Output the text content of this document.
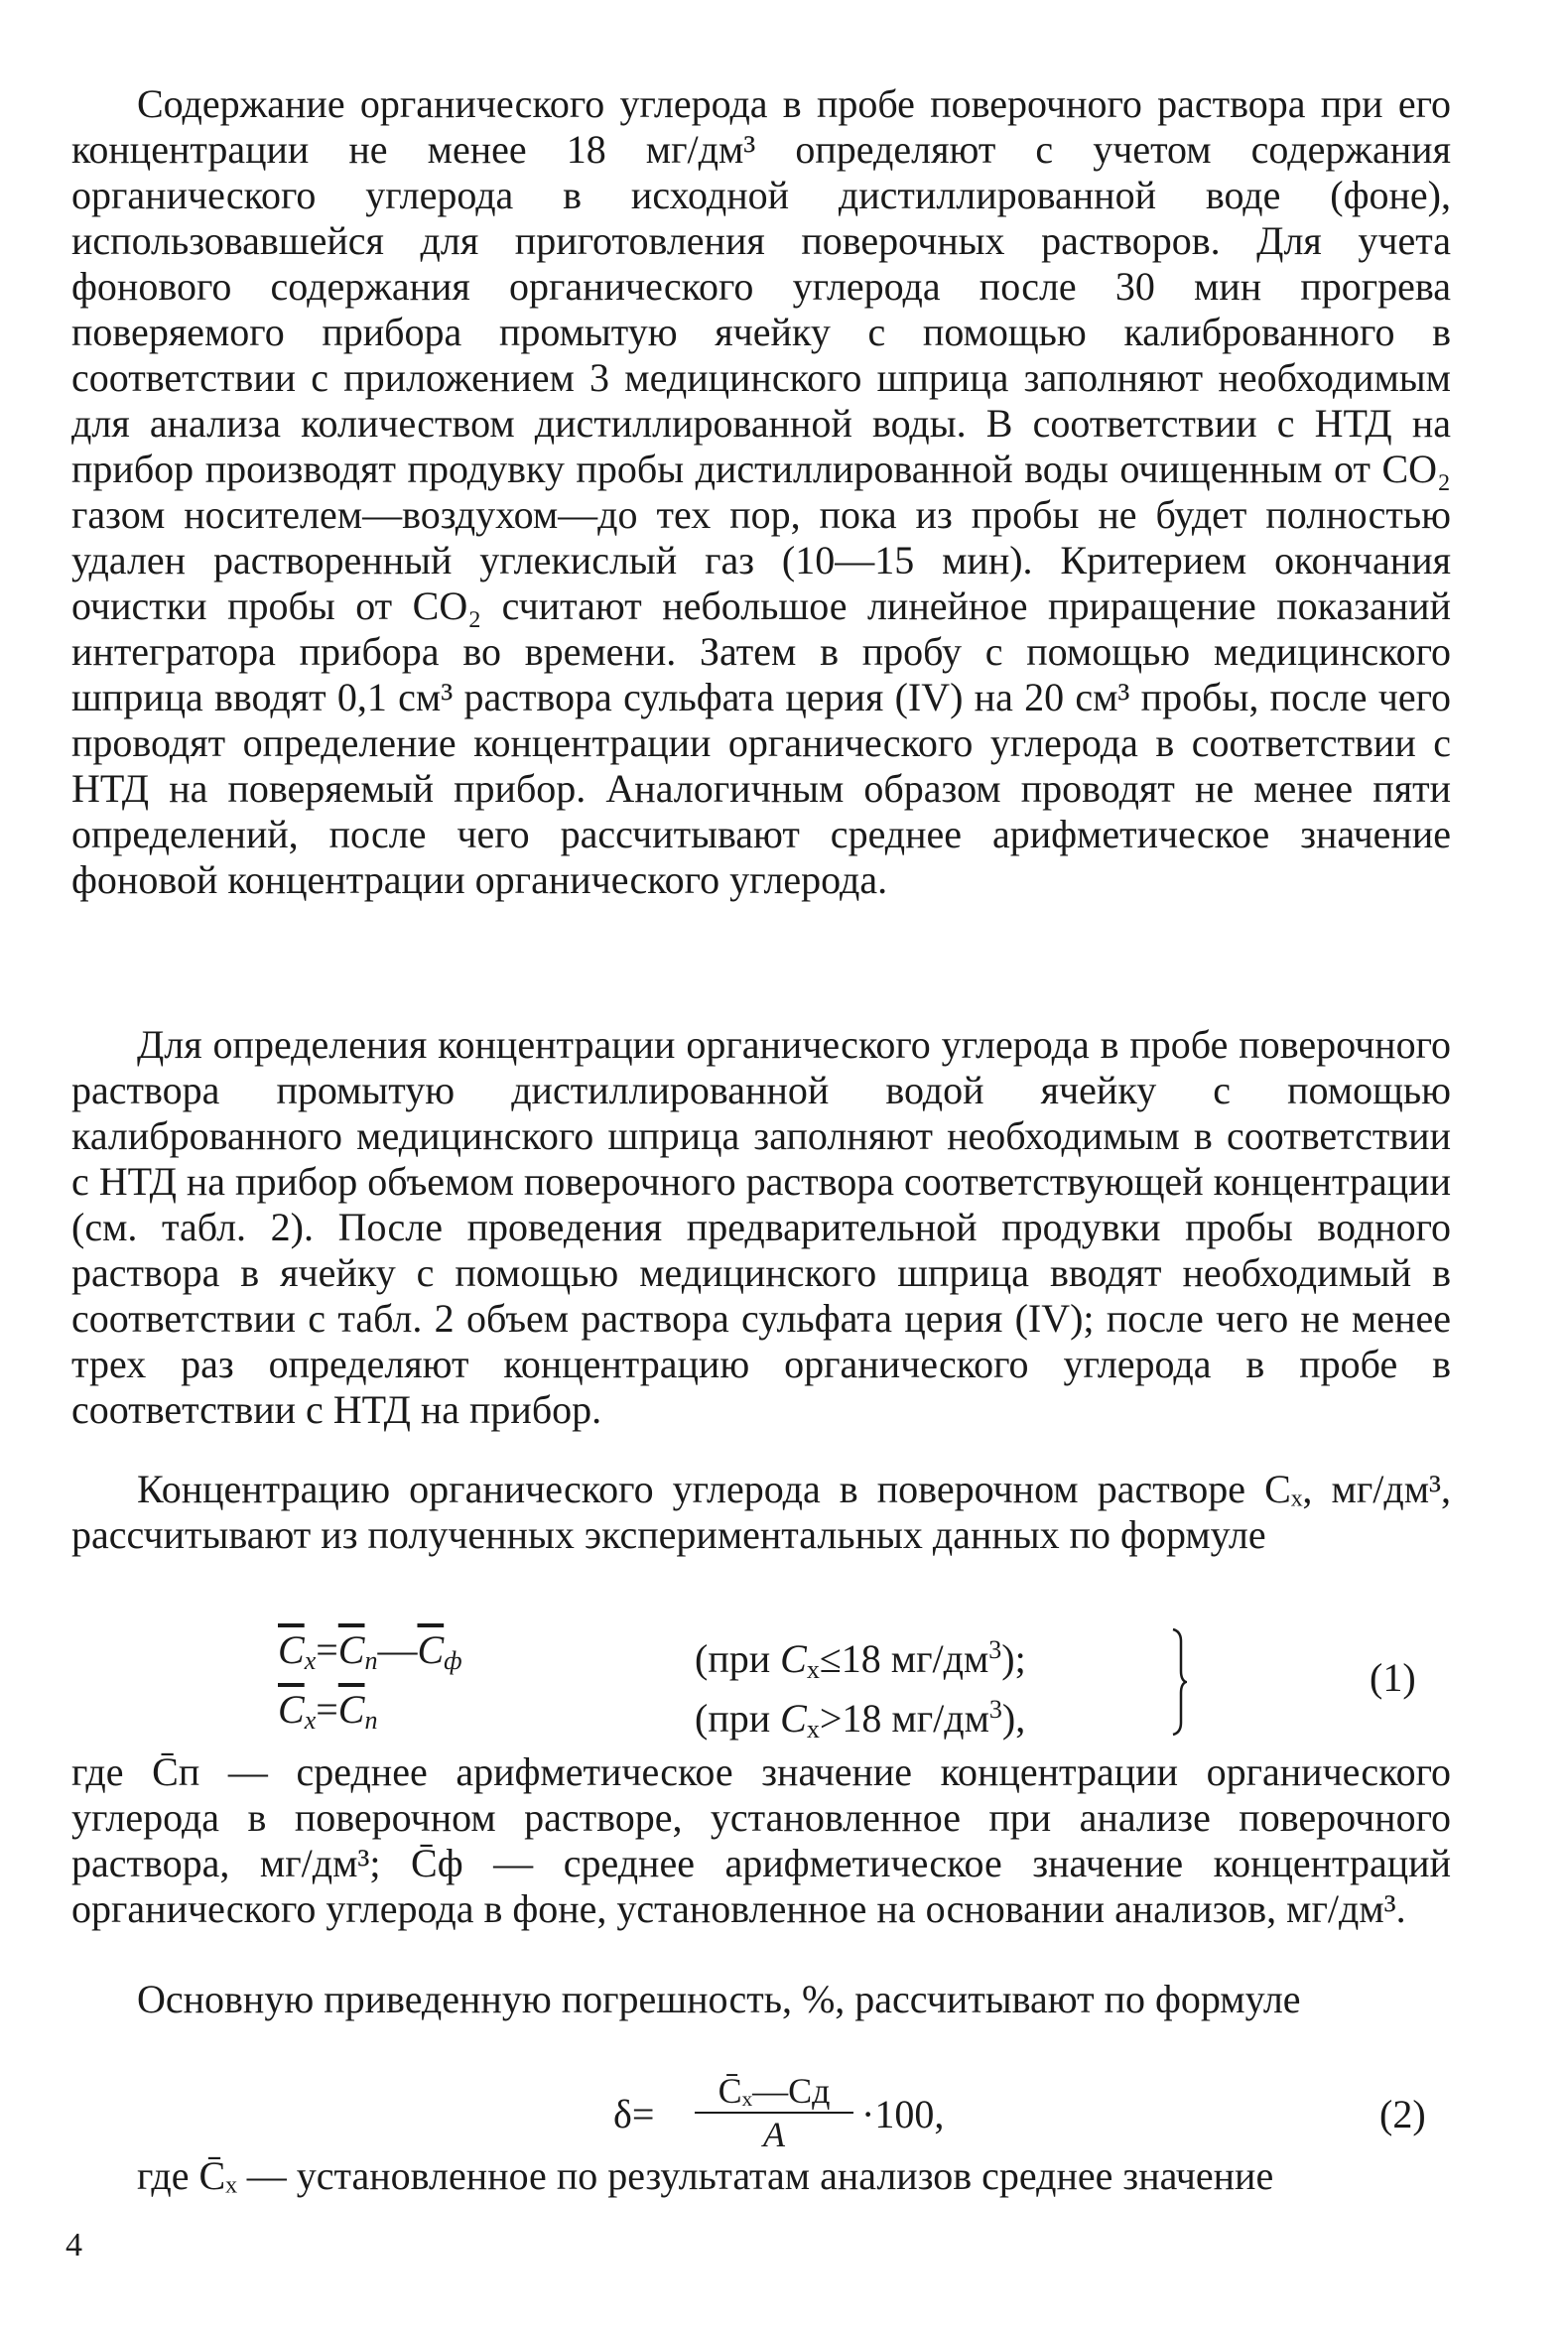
Содержание органического углерода в пробе поверочного раствора при его концентрации не менее 18 мг/дм³ определяют с учетом содержания органического углерода в исходной дистиллированной воде (фоне), использовавшейся для приготовления поверочных растворов. Для учета фонового содержания органического углерода после 30 мин прогрева поверяемого прибора промытую ячейку с помощью калиброванного в соответствии с приложением 3 медицинского шприца заполняют необходимым для анализа количеством дистиллированной воды. В соответствии с НТД на прибор производят продувку пробы дистиллированной воды очищенным от CO₂ газом носителем—воздухом—до тех пор, пока из пробы не будет полностью удален растворенный углекислый газ (10—15 мин). Критерием окончания очистки пробы от CO₂ считают небольшое линейное приращение показаний интегратора прибора во времени. Затем в пробу с помощью медицинского шприца вводят 0,1 см³ раствора сульфата церия (IV) на 20 см³ пробы, после чего проводят определение концентрации органического углерода в соответствии с НТД на поверяемый прибор. Аналогичным образом проводят не менее пяти определений, после чего рассчитывают среднее арифметическое значение фоновой концентрации органического углерода.

Для определения концентрации органического углерода в пробе поверочного раствора промытую дистиллированной водой ячейку с помощью калиброванного медицинского шприца заполняют необходимым в соответствии с НТД на прибор объемом поверочного раствора соответствующей концентрации (см. табл. 2). После проведения предварительной продувки пробы водного раствора в ячейку с помощью медицинского шприца вводят необходимый в соответствии с табл. 2 объем раствора сульфата церия (IV); после чего не менее трех раз определяют концентрацию органического углерода в пробе в соответствии с НТД на прибор.

Концентрацию органического углерода в поверочном растворе Cₓ, мг/дм³, рассчитывают из полученных экспериментальных данных по формуле

$\overline{C}_x=\overline{C}_п—\overline{C}_ф$	(при $C_x\le 18$ $мг/дм^3$);
$\overline{C}_x=\overline{C}_п$	(при $C_x>18$ $мг/дм^3$),
(1)

где C̄п — среднее арифметическое значение концентрации органического углерода в поверочном растворе, установленное при анализе поверочного раствора, мг/дм³; C̄ф — среднее арифметическое значение концентраций органического углерода в фоне, установленное на основании анализов, мг/дм³.

Основную приведенную погрешность, %, рассчитывают по формуле

δ=
C̄ₓ—Cд
A	·100,	(2)

где C̄ₓ — установленное по результатам анализов среднее значение

4
